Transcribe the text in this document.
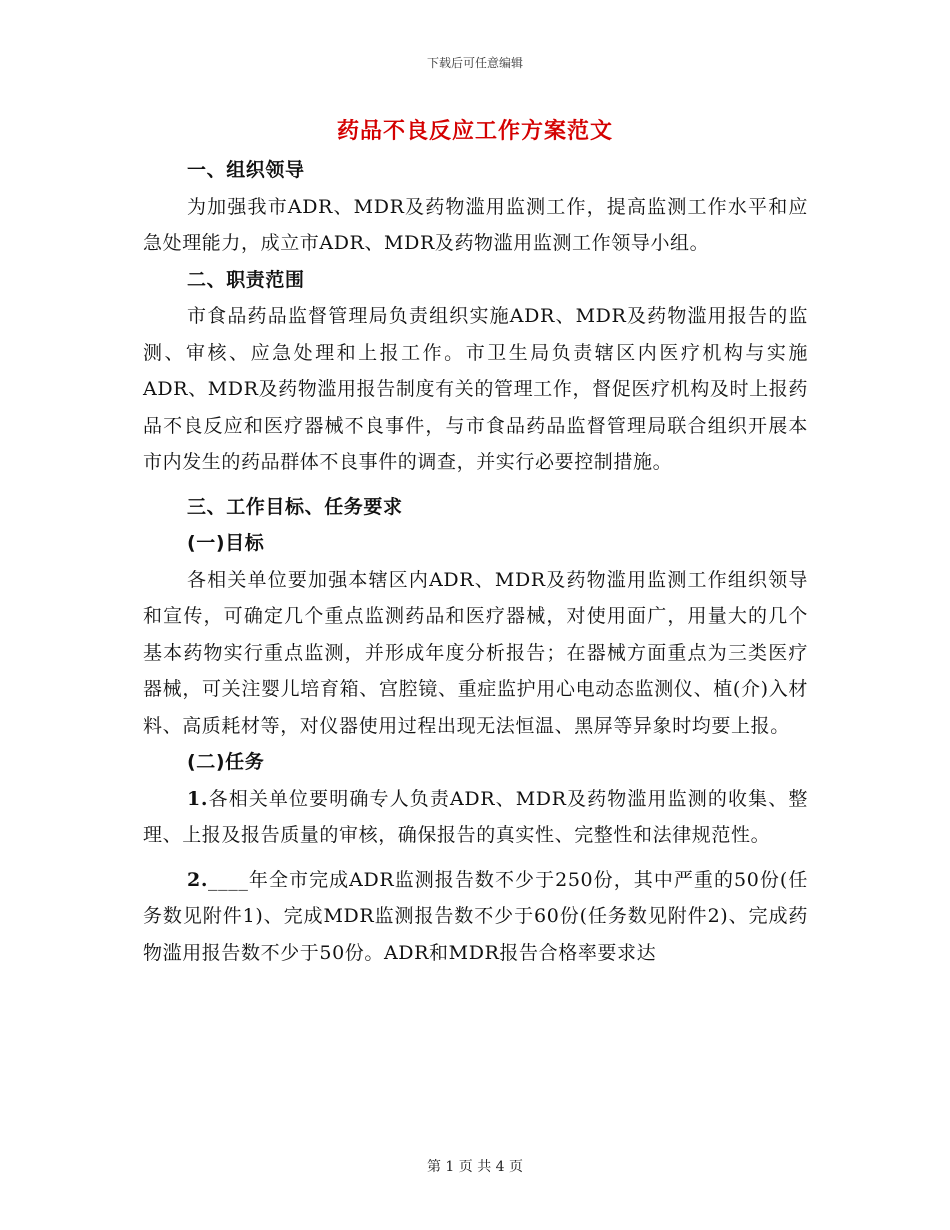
下载后可任意编辑
药品不良反应工作方案范文

一、组织领导

为加强我市ADR、MDR及药物滥用监测工作，提高监测工作水平和应急处理能力，成立市ADR、MDR及药物滥用监测工作领导小组。

二、职责范围

市食品药品监督管理局负责组织实施ADR、MDR及药物滥用报告的监测、审核、应急处理和上报工作。市卫生局负责辖区内医疗机构与实施ADR、MDR及药物滥用报告制度有关的管理工作，督促医疗机构及时上报药品不良反应和医疗器械不良事件，与市食品药品监督管理局联合组织开展本市内发生的药品群体不良事件的调查，并实行必要控制措施。

三、工作目标、任务要求

(一)目标

各相关单位要加强本辖区内ADR、MDR及药物滥用监测工作组织领导和宣传，可确定几个重点监测药品和医疗器械，对使用面广，用量大的几个基本药物实行重点监测，并形成年度分析报告；在器械方面重点为三类医疗器械，可关注婴儿培育箱、宫腔镜、重症监护用心电动态监测仪、植(介)入材料、高质耗材等，对仪器使用过程出现无法恒温、黑屏等异象时均要上报。

(二)任务

1.各相关单位要明确专人负责ADR、MDR及药物滥用监测的收集、整理、上报及报告质量的审核，确保报告的真实性、完整性和法律规范性。

2.____年全市完成ADR监测报告数不少于250份，其中严重的50份(任务数见附件1)、完成MDR监测报告数不少于60份(任务数见附件2)、完成药物滥用报告数不少于50份。ADR和MDR报告合格率要求达

第 1 页 共 4 页
